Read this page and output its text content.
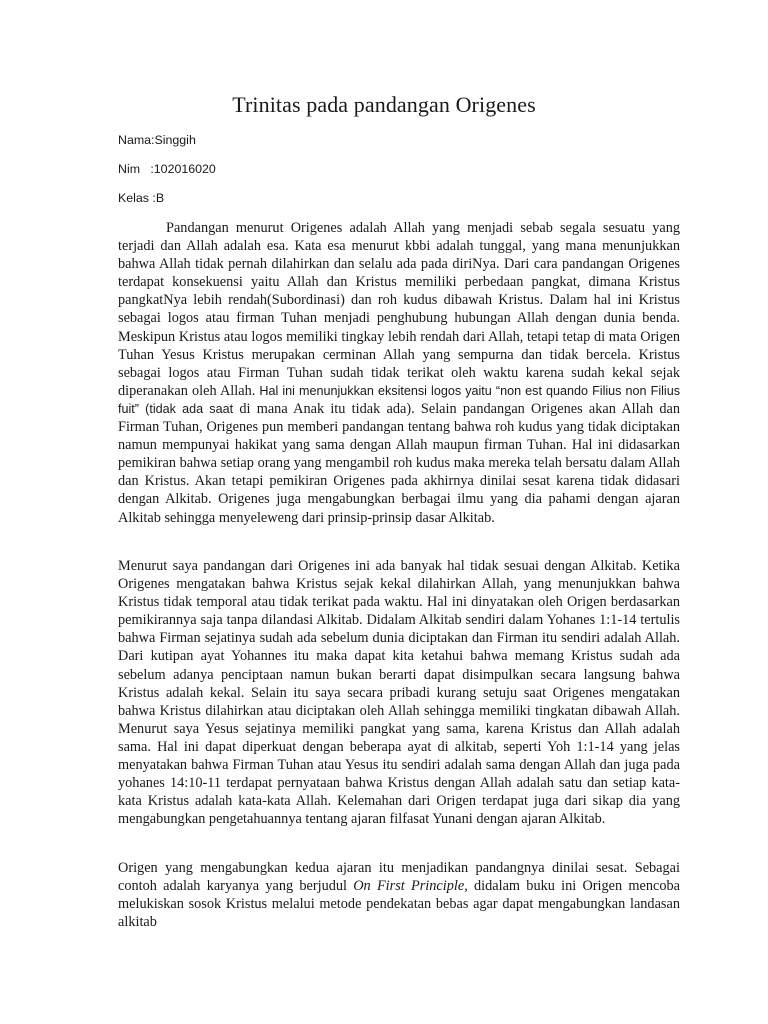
Trinitas pada pandangan Origenes
Nama:Singgih
Nim   :102016020
Kelas :B

Pandangan menurut Origenes adalah Allah yang menjadi sebab segala sesuatu yang terjadi dan Allah adalah esa. Kata esa menurut kbbi adalah tunggal, yang mana menunjukkan bahwa Allah tidak pernah dilahirkan dan selalu ada pada diriNya. Dari cara pandangan Origenes terdapat konsekuensi yaitu Allah dan Kristus memiliki perbedaan pangkat, dimana Kristus pangkatNya lebih rendah(Subordinasi) dan roh kudus dibawah Kristus. Dalam hal ini Kristus sebagai logos atau firman Tuhan menjadi penghubung hubungan Allah dengan dunia benda. Meskipun Kristus atau logos memiliki tingkay lebih rendah dari Allah, tetapi tetap di mata Origen Tuhan Yesus Kristus merupakan cerminan Allah yang sempurna dan tidak bercela. Kristus sebagai logos atau Firman Tuhan sudah tidak terikat oleh waktu karena sudah kekal sejak diperanakan oleh Allah. Hal ini menunjukkan eksitensi logos yaitu “non est quando Filius non Filius fuit” (tidak ada saat di mana Anak itu tidak ada). Selain pandangan Origenes akan Allah dan Firman Tuhan, Origenes pun memberi pandangan tentang bahwa roh kudus yang tidak diciptakan namun mempunyai hakikat yang sama dengan Allah maupun firman Tuhan. Hal ini didasarkan pemikiran bahwa setiap orang yang mengambil roh kudus maka mereka telah bersatu dalam Allah dan Kristus. Akan tetapi pemikiran Origenes pada akhirnya dinilai sesat karena tidak didasari dengan Alkitab. Origenes juga mengabungkan berbagai ilmu yang dia pahami dengan ajaran Alkitab sehingga menyeleweng dari prinsip-prinsip dasar Alkitab.

Menurut saya pandangan dari Origenes ini ada banyak hal tidak sesuai dengan Alkitab. Ketika Origenes mengatakan bahwa Kristus sejak kekal dilahirkan Allah, yang menunjukkan bahwa Kristus tidak temporal atau tidak terikat pada waktu. Hal ini dinyatakan oleh Origen berdasarkan pemikirannya saja tanpa dilandasi Alkitab. Didalam Alkitab sendiri dalam Yohanes 1:1-14 tertulis bahwa Firman sejatinya sudah ada sebelum dunia diciptakan dan Firman itu sendiri adalah Allah. Dari kutipan ayat Yohannes itu maka dapat kita ketahui bahwa memang Kristus sudah ada sebelum adanya penciptaan namun bukan berarti dapat disimpulkan secara langsung bahwa Kristus adalah kekal. Selain itu saya secara pribadi kurang setuju saat Origenes mengatakan bahwa Kristus dilahirkan atau diciptakan oleh Allah sehingga memiliki tingkatan dibawah Allah. Menurut saya Yesus sejatinya memiliki pangkat yang sama, karena Kristus dan Allah adalah sama. Hal ini dapat diperkuat dengan beberapa ayat di alkitab, seperti Yoh 1:1-14 yang jelas menyatakan bahwa Firman Tuhan atau Yesus itu sendiri adalah sama dengan Allah dan juga pada yohanes 14:10-11 terdapat pernyataan bahwa Kristus dengan Allah adalah satu dan setiap kata-kata Kristus adalah kata-kata Allah. Kelemahan dari Origen terdapat juga dari sikap dia yang mengabungkan pengetahuannya tentang ajaran filfasat Yunani dengan ajaran Alkitab.

Origen yang mengabungkan kedua ajaran itu menjadikan pandangnya dinilai sesat. Sebagai contoh adalah karyanya yang berjudul On First Principle, didalam buku ini Origen mencoba melukiskan sosok Kristus melalui metode pendekatan bebas agar dapat mengabungkan landasan alkitab
